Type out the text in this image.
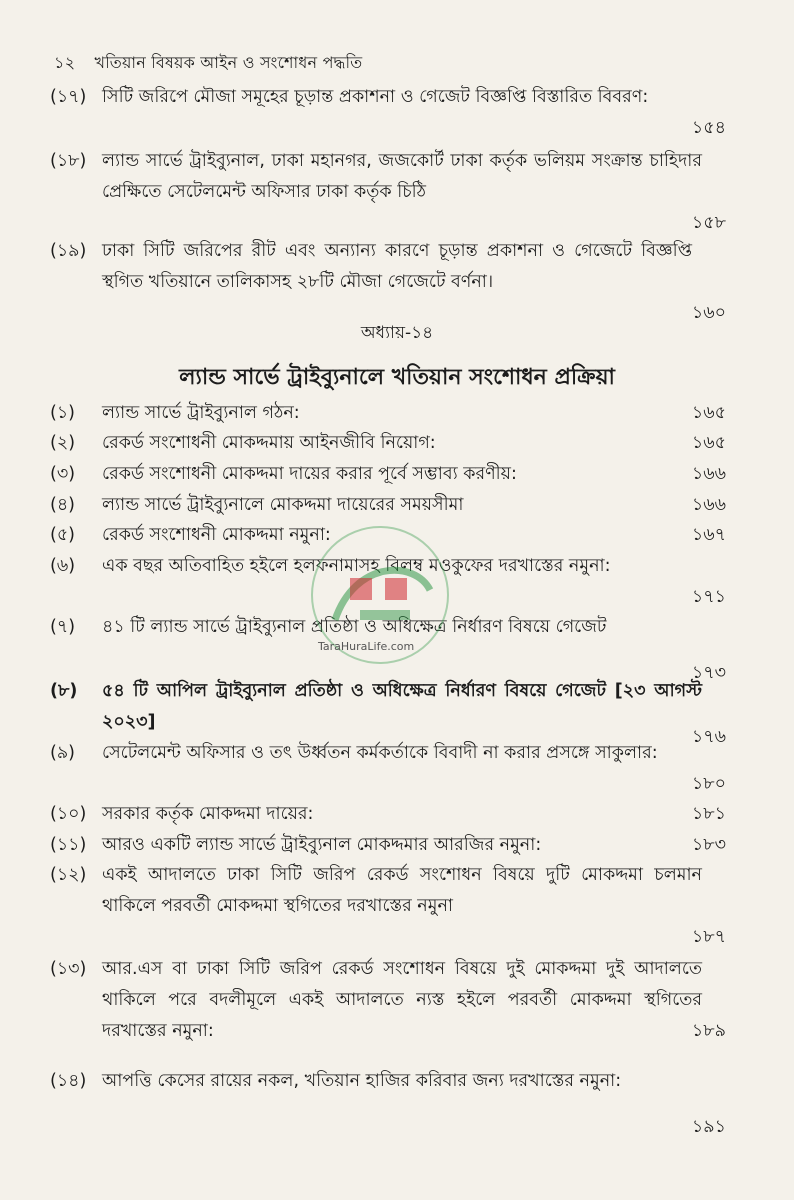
১২ খতিয়ান বিষয়ক আইন ও সংশোধন পদ্ধতি
(১৭) সিটি জরিপে মৌজা সমূহের চূড়ান্ত প্রকাশনা ও গেজেট বিজ্ঞপ্তি বিস্তারিত বিবরণ:
১৫৪
(১৮) ল্যান্ড সার্ভে ট্রাইব্যুনাল, ঢাকা মহানগর, জজকোর্ট ঢাকা কর্তৃক ভলিয়ম সংক্রান্ত চাহিদার প্রেক্ষিতে সেটেলমেন্ট অফিসার ঢাকা কর্তৃক চিঠি
১৫৮
(১৯) ঢাকা সিটি জরিপের রীট এবং অন্যান্য কারণে চূড়ান্ত প্রকাশনা ও গেজেটে বিজ্ঞপ্তি স্থগিত খতিয়ানে তালিকাসহ ২৮টি মৌজা গেজেটে বর্ণনা।
১৬০
অধ্যায়-১৪
ল্যান্ড সার্ভে ট্রাইব্যুনালে খতিয়ান সংশোধন প্রক্রিয়া
(১) ল্যান্ড সার্ভে ট্রাইব্যুনাল গঠন:	১৬৫
(২) রেকর্ড সংশোধনী মোকদ্দমায় আইনজীবি নিয়োগ:	১৬৫
(৩) রেকর্ড সংশোধনী মোকদ্দমা দায়ের করার পূর্বে সম্ভাব্য করণীয়:	১৬৬
(৪) ল্যান্ড সার্ভে ট্রাইব্যুনালে মোকদ্দমা দায়েরের সময়সীমা	১৬৬
(৫) রেকর্ড সংশোধনী মোকদ্দমা নমুনা:	১৬৭
(৬) এক বছর অতিবাহিত হইলে হলফনামাসহ বিলম্ব মওকুফের দরখাস্তের নমুনা:
১৭১
(৭) ৪১ টি ল্যান্ড সার্ভে ট্রাইব্যুনাল প্রতিষ্ঠা ও অধিক্ষেত্র নির্ধারণ বিষয়ে গেজেট
১৭৩
(৮) ৫৪ টি আপিল ট্রাইব্যুনাল প্রতিষ্ঠা ও অধিক্ষেত্র নির্ধারণ বিষয়ে গেজেট [২৩ আগস্ট ২০২৩]
১৭৬
(৯) সেটেলমেন্ট অফিসার ও তৎ উর্ধ্বতন কর্মকর্তাকে বিবাদী না করার প্রসঙ্গে সাকুলার:
১৮০
(১০) সরকার কর্তৃক মোকদ্দমা দায়ের:	১৮১
(১১) আরও একটি ল্যান্ড সার্ভে ট্রাইব্যুনাল মোকদ্দমার আরজির নমুনা:	১৮৩
(১২) একই আদালতে ঢাকা সিটি জরিপ রেকর্ড সংশোধন বিষয়ে দুটি মোকদ্দমা চলমান থাকিলে পরবর্তী মোকদ্দমা স্থগিতের দরখাস্তের নমুনা
১৮৭
(১৩) আর.এস বা ঢাকা সিটি জরিপ রেকর্ড সংশোধন বিষয়ে দুই মোকদ্দমা দুই আদালতে থাকিলে পরে বদলীমূলে একই আদালতে ন্যস্ত হইলে পরবর্তী মোকদ্দমা স্থগিতের দরখাস্তের নমুনা:	১৮৯
(১৪) আপত্তি কেসের রায়ের নকল, খতিয়ান হাজির করিবার জন্য দরখাস্তের নমুনা:
১৯১
TaraHuraLife.com
